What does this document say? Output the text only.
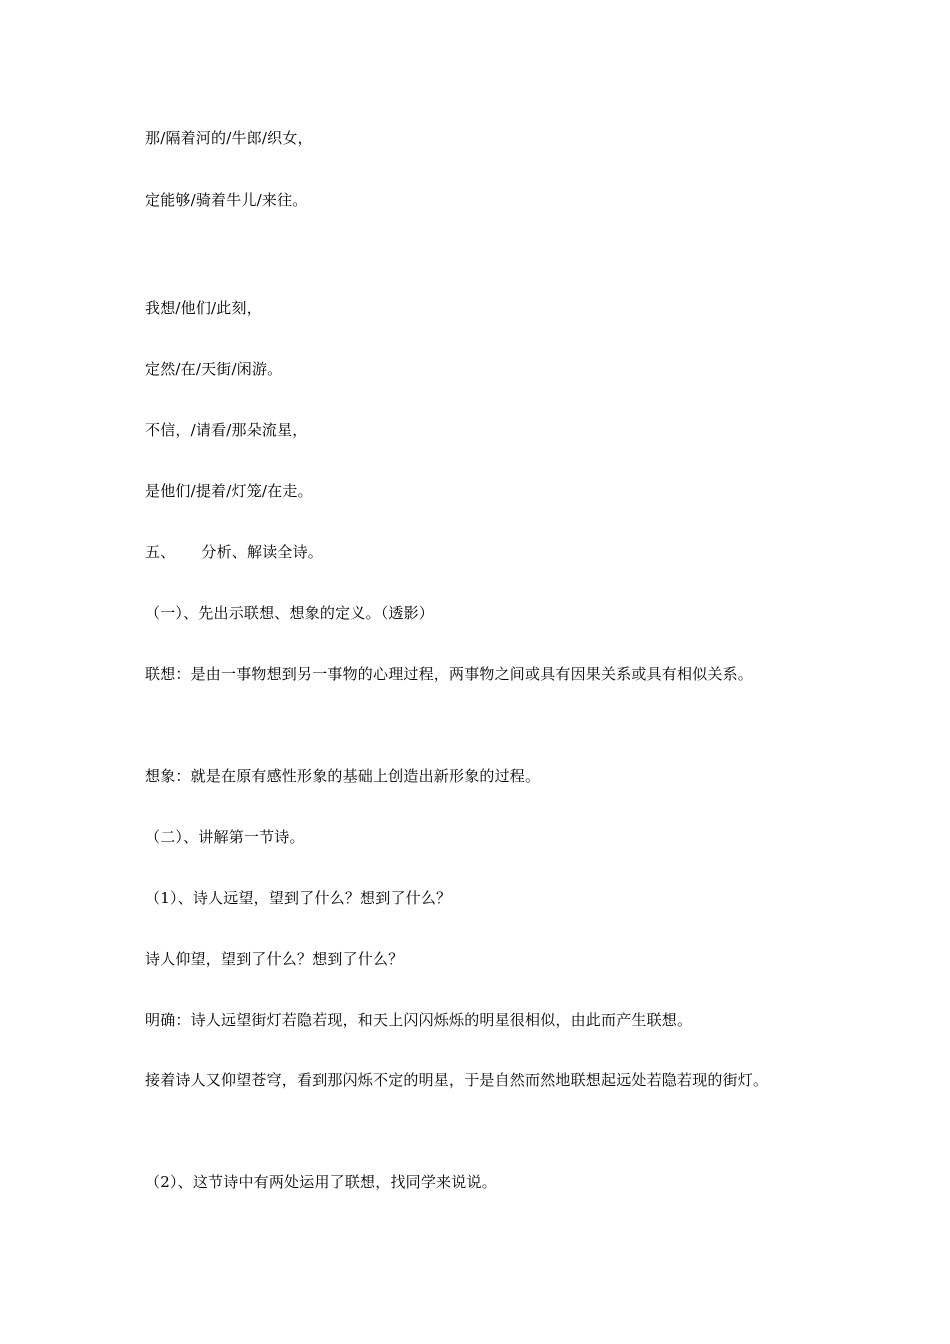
那/隔着河的/牛郎/织女，
定能够/骑着牛儿/来往。
我想/他们/此刻，
定然/在/天街/闲游。
不信，/请看/那朵流星，
是他们/提着/灯笼/在走。
五、 分析、解读全诗。
（一）、先出示联想、想象的定义。（透影）
联想：是由一事物想到另一事物的心理过程，两事物之间或具有因果关系或具有相似关系。
想象：就是在原有感性形象的基础上创造出新形象的过程。
（二）、讲解第一节诗。
（1）、诗人远望，望到了什么？想到了什么？
诗人仰望，望到了什么？想到了什么？
明确：诗人远望街灯若隐若现，和天上闪闪烁烁的明星很相似，由此而产生联想。
接着诗人又仰望苍穹，看到那闪烁不定的明星，于是自然而然地联想起远处若隐若现的街灯。
（2）、这节诗中有两处运用了联想，找同学来说说。
